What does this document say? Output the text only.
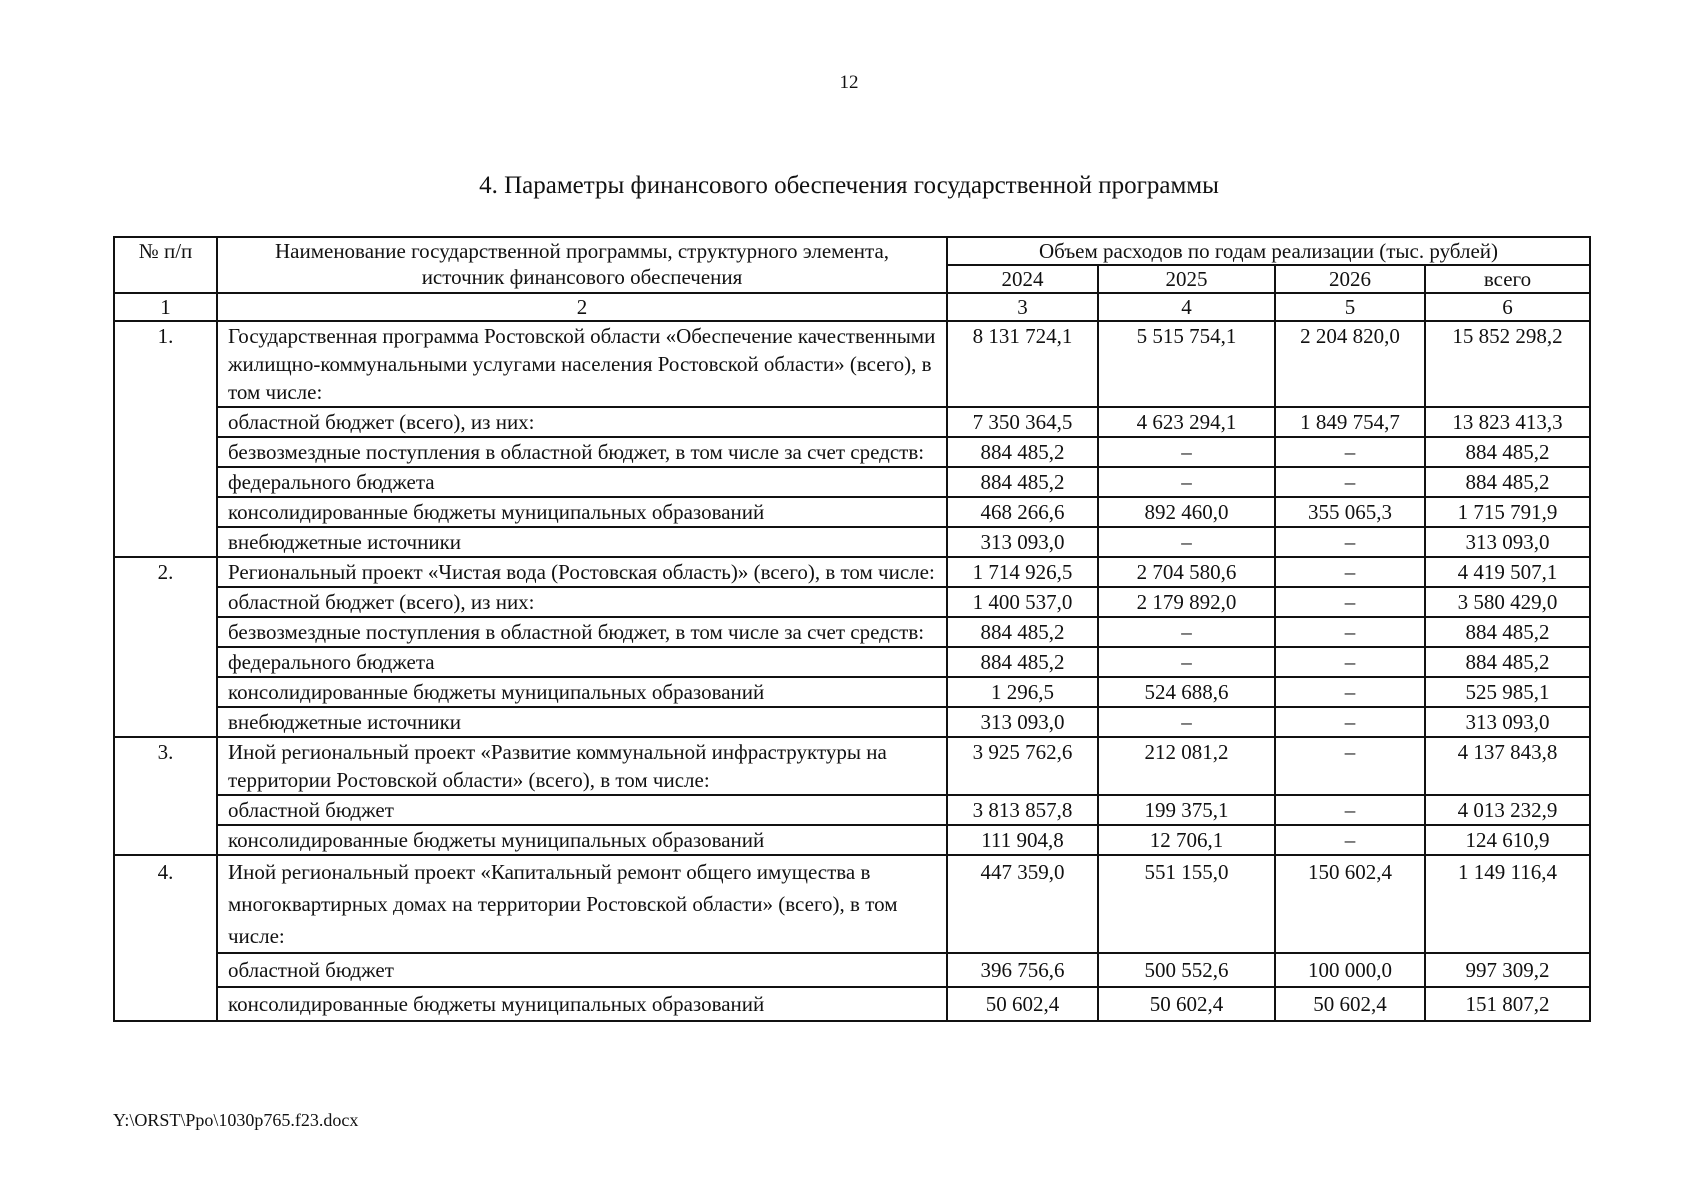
12
4. Параметры финансового обеспечения государственной программы
№ п/п	Наименование государственной программы, структурного элемента, источник финансового обеспечения	Объем расходов по годам реализации (тыс. рублей)			
		2024	2025	2026	всего
1	2	3	4	5	6
1.	Государственная программа Ростовской области «Обеспечение качественными жилищно-коммунальными услугами населения Ростовской области» (всего), в том числе:	8 131 724,1	5 515 754,1	2 204 820,0	15 852 298,2
	областной бюджет (всего), из них:	7 350 364,5	4 623 294,1	1 849 754,7	13 823 413,3
	безвозмездные поступления в областной бюджет, в том числе за счет средств:	884 485,2	–	–	884 485,2
	федерального бюджета	884 485,2	–	–	884 485,2
	консолидированные бюджеты муниципальных образований	468 266,6	892 460,0	355 065,3	1 715 791,9
	внебюджетные источники	313 093,0	–	–	313 093,0
2.	Региональный проект «Чистая вода (Ростовская область)» (всего), в том числе:	1 714 926,5	2 704 580,6	–	4 419 507,1
	областной бюджет (всего), из них:	1 400 537,0	2 179 892,0	–	3 580 429,0
	безвозмездные поступления в областной бюджет, в том числе за счет средств:	884 485,2	–	–	884 485,2
	федерального бюджета	884 485,2	–	–	884 485,2
	консолидированные бюджеты муниципальных образований	1 296,5	524 688,6	–	525 985,1
	внебюджетные источники	313 093,0	–	–	313 093,0
3.	Иной региональный проект «Развитие коммунальной инфраструктуры на территории Ростовской области» (всего), в том числе:	3 925 762,6	212 081,2	–	4 137 843,8
	областной бюджет	3 813 857,8	199 375,1	–	4 013 232,9
	консолидированные бюджеты муниципальных образований	111 904,8	12 706,1	–	124 610,9
4.	Иной региональный проект «Капитальный ремонт общего имущества в многоквартирных домах на территории Ростовской области» (всего), в том числе:	447 359,0	551 155,0	150 602,4	1 149 116,4
	областной бюджет	396 756,6	500 552,6	100 000,0	997 309,2
	консолидированные бюджеты муниципальных образований	50 602,4	50 602,4	50 602,4	151 807,2
Y:\ORST\Ppo\1030p765.f23.docx
